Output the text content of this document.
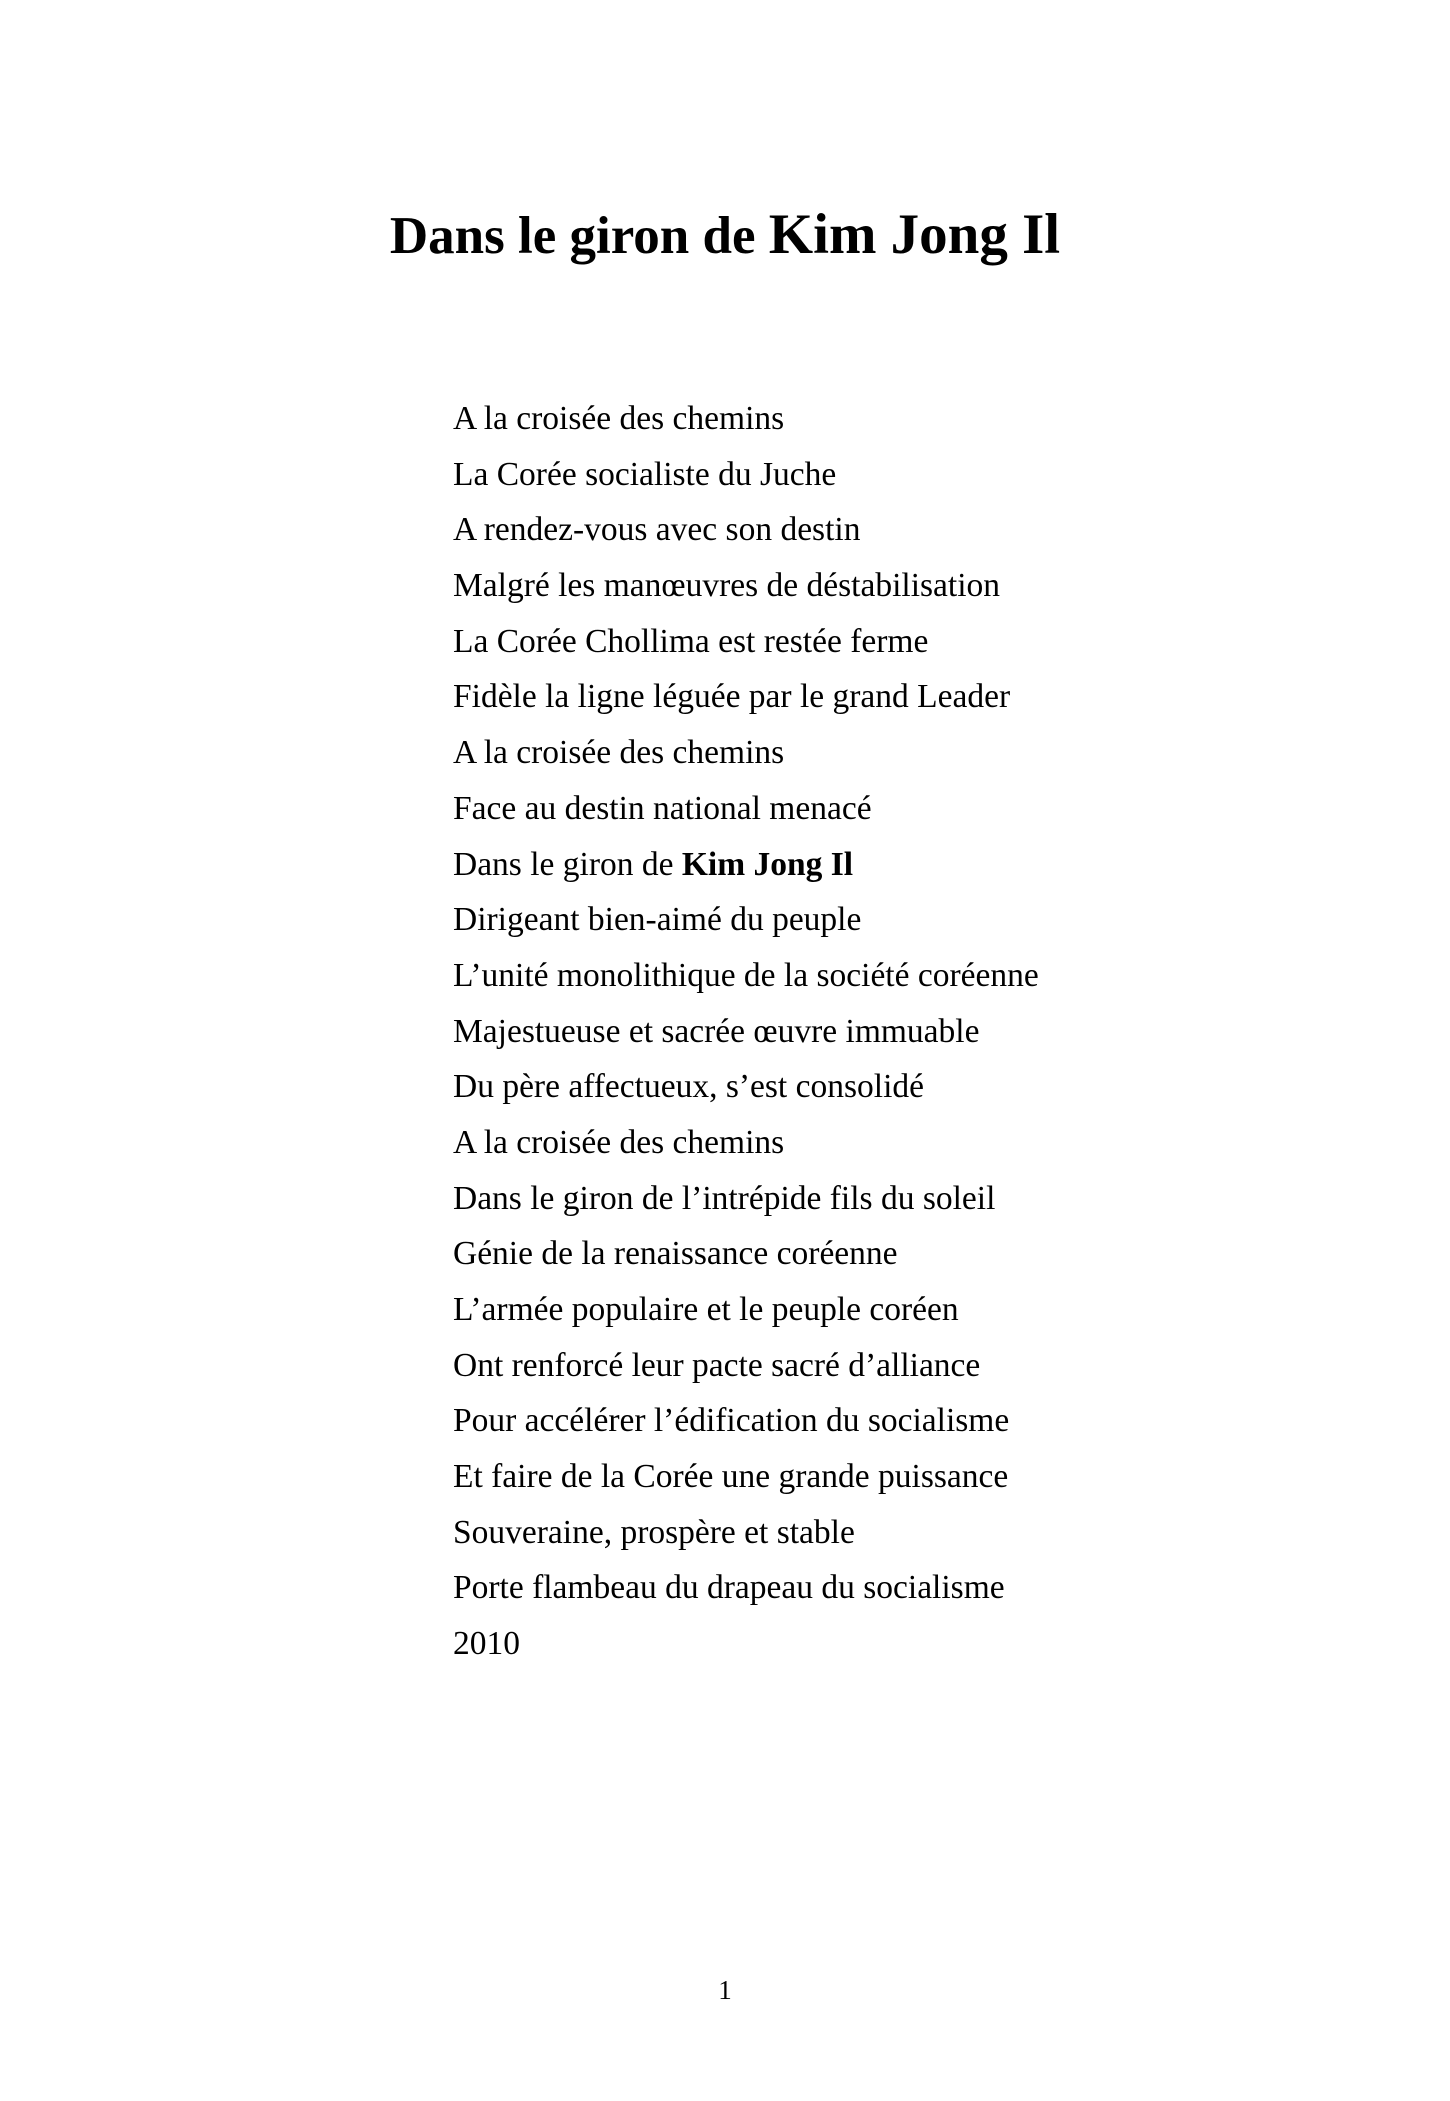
Dans le giron de Kim Jong Il
A la croisée des chemins
La Corée socialiste du Juche
A rendez-vous avec son destin
Malgré les manœuvres de déstabilisation
La Corée Chollima est restée ferme
Fidèle la ligne léguée par le grand Leader
A la croisée des chemins
Face au destin national menacé
Dans le giron de Kim Jong Il
Dirigeant bien-aimé du peuple
L’unité monolithique de la société coréenne
Majestueuse et sacrée œuvre immuable
Du père affectueux, s’est consolidé
A la croisée des chemins
Dans le giron de l’intrépide fils du soleil
Génie de la renaissance coréenne
L’armée populaire et le peuple coréen
Ont renforcé leur pacte sacré d’alliance
Pour accélérer l’édification du socialisme
Et faire de la Corée une grande puissance
Souveraine, prospère et stable
Porte flambeau du drapeau du socialisme
2010
1
